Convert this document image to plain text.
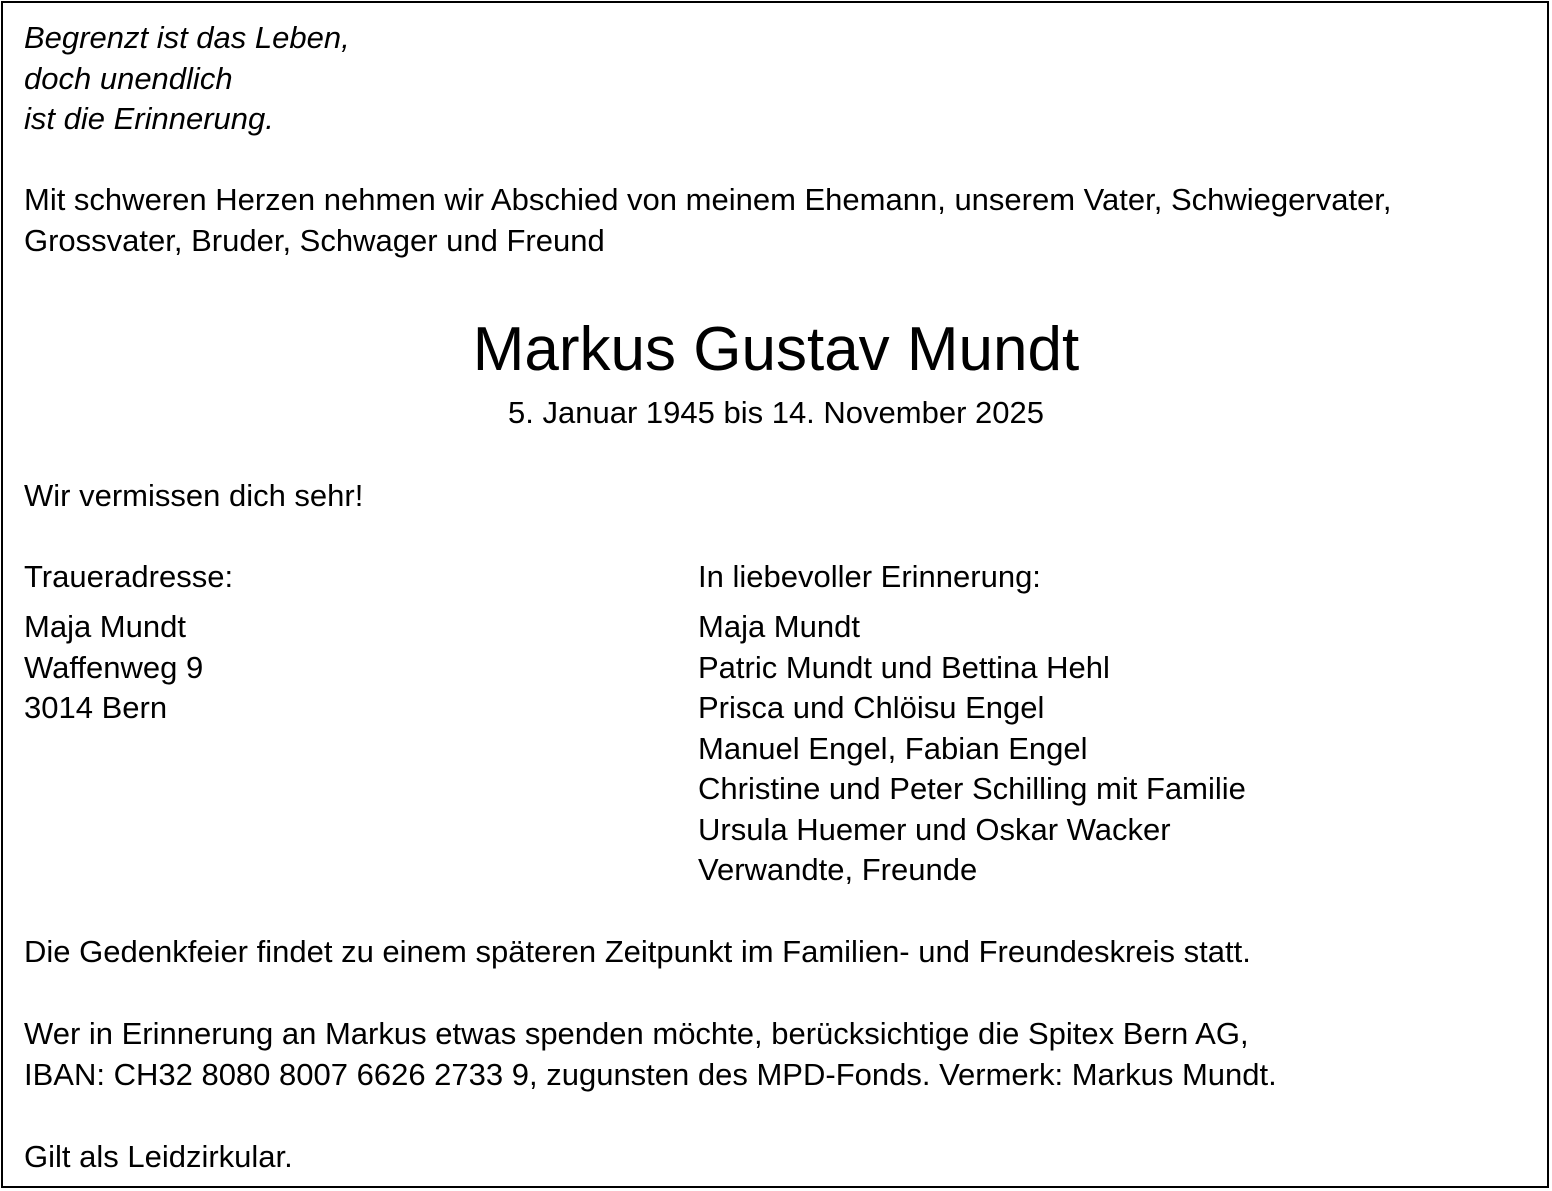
Begrenzt ist das Leben,
doch unendlich
ist die Erinnerung.
Mit schweren Herzen nehmen wir Abschied von meinem Ehemann, unserem Vater, Schwiegervater,
Grossvater, Bruder, Schwager und Freund
Markus Gustav Mundt
5. Januar 1945 bis 14. November 2025
Wir vermissen dich sehr!
Traueradresse:
Maja Mundt
Waffenweg 9
3014 Bern
In liebevoller Erinnerung:
Maja Mundt
Patric Mundt und Bettina Hehl
Prisca und Chlöisu Engel
Manuel Engel, Fabian Engel
Christine und Peter Schilling mit Familie
Ursula Huemer und Oskar Wacker
Verwandte, Freunde
Die Gedenkfeier findet zu einem späteren Zeitpunkt im Familien- und Freundeskreis statt.
Wer in Erinnerung an Markus etwas spenden möchte, berücksichtige die Spitex Bern AG,
IBAN: CH32 8080 8007 6626 2733 9, zugunsten des MPD-Fonds. Vermerk: Markus Mundt.
Gilt als Leidzirkular.
